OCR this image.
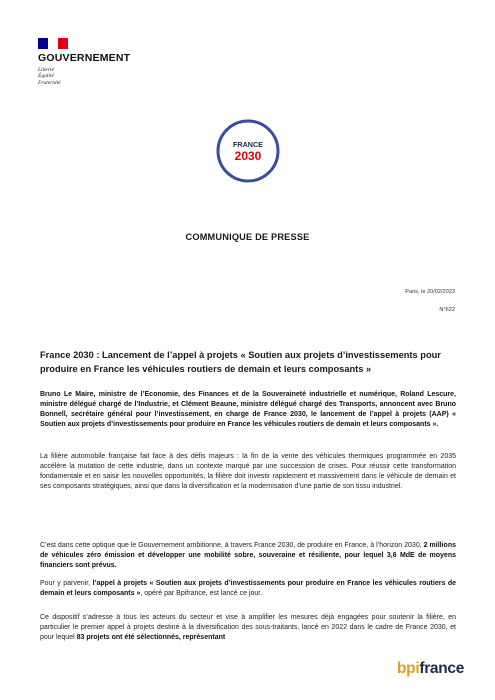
GOUVERNEMENT
Liberté
Égalité
Fraternité
FRANCE
2030
COMMUNIQUE DE PRESSE
Paris, le 20/02/2023
N°622
France 2030 : Lancement de l’appel à projets « Soutien aux projets d’investissements pour produire en France les véhicules routiers de demain et leurs composants »
Bruno Le Maire, ministre de l’Economie, des Finances et de la Souveraineté industrielle et numérique, Roland Lescure, ministre délégué chargé de l’Industrie, et Clément Beaune, ministre délégué chargé des Transports, annoncent avec Bruno Bonnell, secrétaire général pour l’investissement, en charge de France 2030, le lancement de l’appel à projets (AAP) « Soutien aux projets d’investissements pour produire en France les véhicules routiers de demain et leurs composants ».
La filière automobile française fait face à des défis majeurs : la fin de la vente des véhicules thermiques programmée en 2035 accélère la mutation de cette industrie, dans un contexte marqué par une succession de crises. Pour réussir cette transformation fondamentale et en saisir les nouvelles opportunités, la filière doit investir rapidement et massivement dans le véhicule de demain et ses composants stratégiques, ainsi que dans la diversification et la modernisation d’une partie de son tissu industriel.
C’est dans cette optique que le Gouvernement ambitionne, à travers France 2030, de produire en France, à l’horizon 2030, 2 millions de véhicules zéro émission et développer une mobilité sobre, souveraine et résiliente, pour lequel 3,6 MdE de moyens financiers sont prévus.
Pour y parvenir, l’appel à projets « Soutien aux projets d’investissements pour produire en France les véhicules routiers de demain et leurs composants », opéré par Bpifrance, est lancé ce jour.
Ce dispositif s’adresse à tous les acteurs du secteur et vise à amplifier les mesures déjà engagées pour soutenir la filière, en particulier le premier appel à projets destiné à la diversification des sous-traitants, lancé en 2022 dans le cadre de France 2030, et pour lequel 83 projets ont été sélectionnés, représentant
bpifrance
